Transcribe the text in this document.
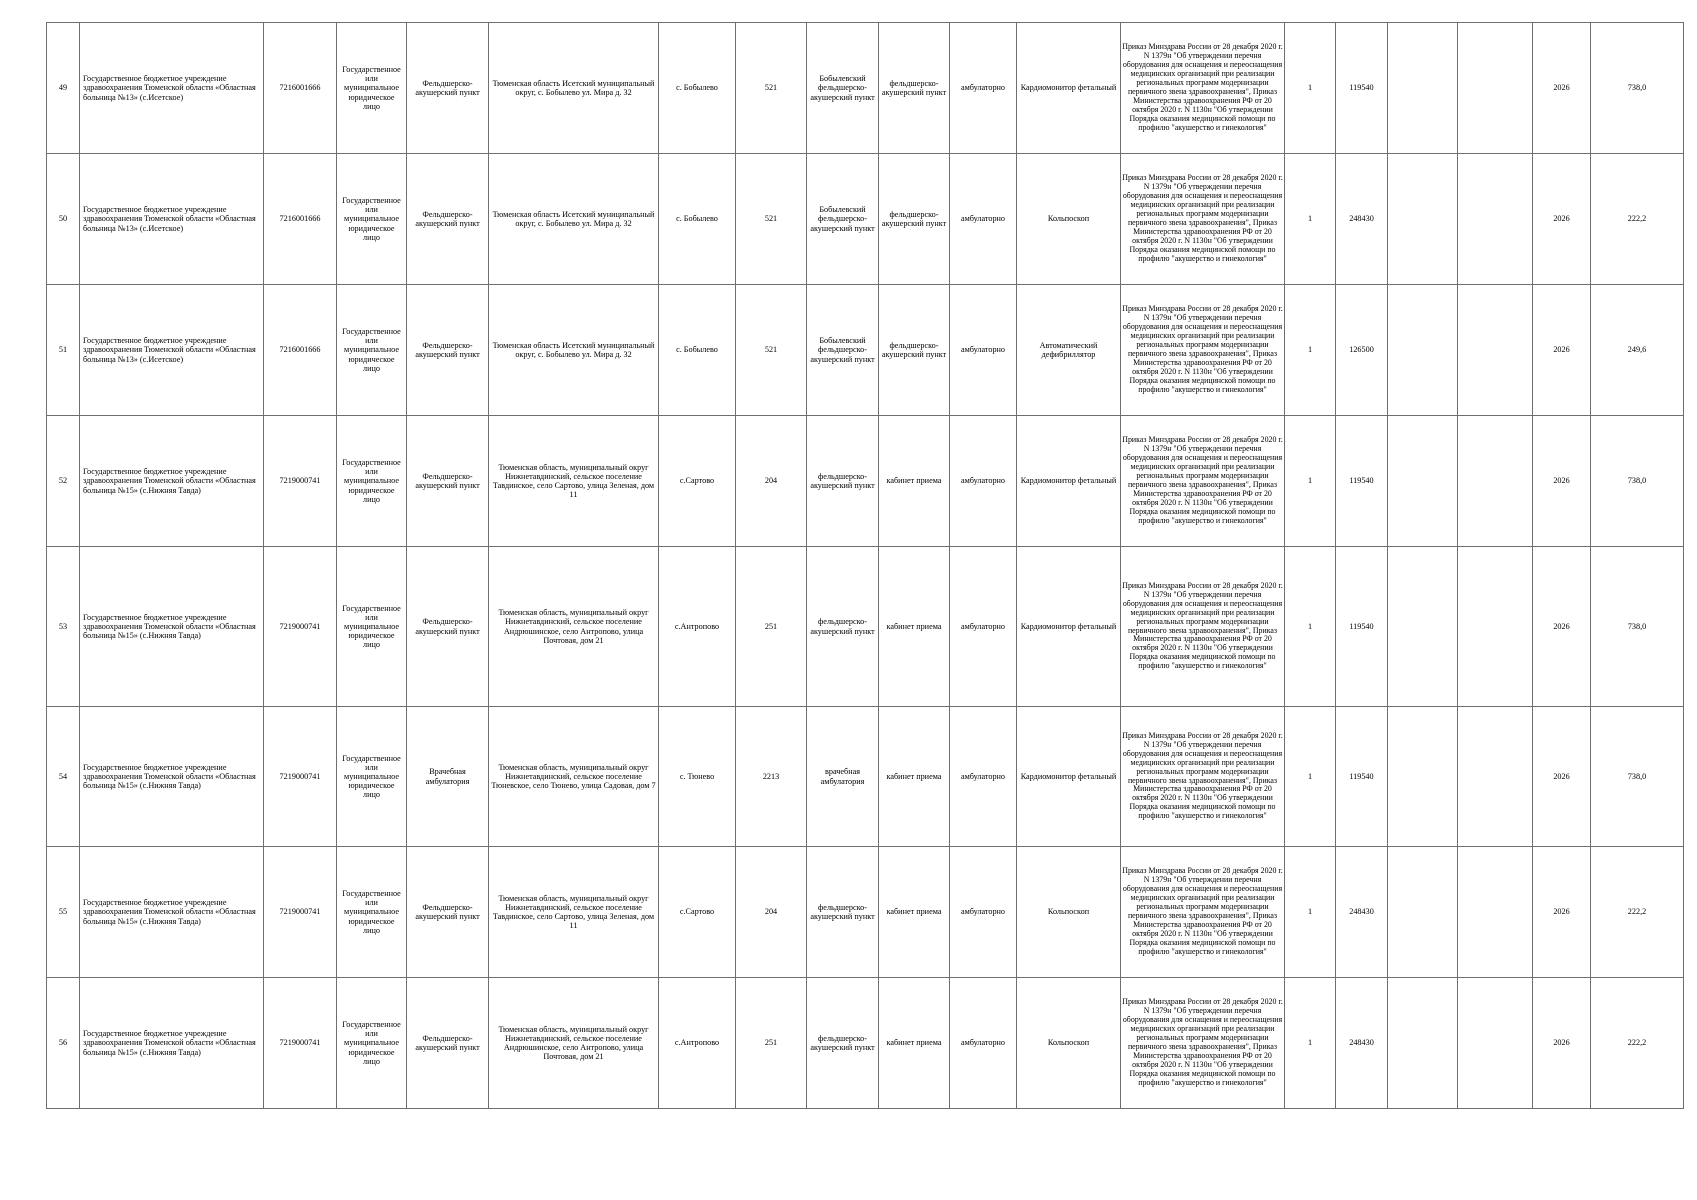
49	Государственное бюджетное учреждение здравоохранения Тюменской области «Областная больница №13» (с.Исетское)	7216001666	Государственное или муниципальное юридическое лицо	Фельдшерско-акушерский пункт	Тюменская область Исетский муниципальный округ, с. Бобылево ул. Мира д. 32	с. Бобылево	521	Бобылевский фельдшерско-акушерский пункт	фельдшерско-акушерский пункт	амбулаторно	Кардиомонитор фетальный	Приказ Минздрава России от 28 декабря 2020 г. N 1379н "Об утверждении перечня оборудования для оснащения и переоснащения медицинских организаций при реализации региональных программ модернизации первичного звена здравоохранения", Приказ Министерства здравоохранения РФ от 20 октября 2020 г. N 1130н "Об утверждении Порядка оказания медицинской помощи по профилю "акушерство и гинекология"	1	119540			2026	738,0
50	Государственное бюджетное учреждение здравоохранения Тюменской области «Областная больница №13» (с.Исетское)	7216001666	Государственное или муниципальное юридическое лицо	Фельдшерско-акушерский пункт	Тюменская область Исетский муниципальный округ, с. Бобылево ул. Мира д. 32	с. Бобылево	521	Бобылевский фельдшерско-акушерский пункт	фельдшерско-акушерский пункт	амбулаторно	Кольпоскоп	Приказ Минздрава России от 28 декабря 2020 г. N 1379н "Об утверждении перечня оборудования для оснащения и переоснащения медицинских организаций при реализации региональных программ модернизации первичного звена здравоохранения", Приказ Министерства здравоохранения РФ от 20 октября 2020 г. N 1130н "Об утверждении Порядка оказания медицинской помощи по профилю "акушерство и гинекология"	1	248430			2026	222,2
51	Государственное бюджетное учреждение здравоохранения Тюменской области «Областная больница №13» (с.Исетское)	7216001666	Государственное или муниципальное юридическое лицо	Фельдшерско-акушерский пункт	Тюменская область Исетский муниципальный округ, с. Бобылево ул. Мира д. 32	с. Бобылево	521	Бобылевский фельдшерско-акушерский пункт	фельдшерско-акушерский пункт	амбулаторно	Автоматический дефибриллятор	Приказ Минздрава России от 28 декабря 2020 г. N 1379н "Об утверждении перечня оборудования для оснащения и переоснащения медицинских организаций при реализации региональных программ модернизации первичного звена здравоохранения", Приказ Министерства здравоохранения РФ от 20 октября 2020 г. N 1130н "Об утверждении Порядка оказания медицинской помощи по профилю "акушерство и гинекология"	1	126500			2026	249,6
52	Государственное бюджетное учреждение здравоохранения Тюменской области «Областная больница №15» (с.Нижняя Тавда)	7219000741	Государственное или муниципальное юридическое лицо	Фельдшерско-акушерский пункт	Тюменская область, муниципальный округ Нижнетавдинский, сельское поселение Тавдинское, село Сартово, улица Зеленая, дом 11	с.Сартово	204	фельдшерско-акушерский пункт	кабинет приема	амбулаторно	Кардиомонитор фетальный	Приказ Минздрава России от 28 декабря 2020 г. N 1379н "Об утверждении перечня оборудования для оснащения и переоснащения медицинских организаций при реализации региональных программ модернизации первичного звена здравоохранения", Приказ Министерства здравоохранения РФ от 20 октября 2020 г. N 1130н "Об утверждении Порядка оказания медицинской помощи по профилю "акушерство и гинекология"	1	119540			2026	738,0
53	Государственное бюджетное учреждение здравоохранения Тюменской области «Областная больница №15» (с.Нижняя Тавда)	7219000741	Государственное или муниципальное юридическое лицо	Фельдшерско-акушерский пункт	Тюменская область, муниципальный округ Нижнетавдинский, сельское поселение Андрюшинское, село Антропово, улица Почтовая, дом 21	с.Антропово	251	фельдшерско-акушерский пункт	кабинет приема	амбулаторно	Кардиомонитор фетальный	Приказ Минздрава России от 28 декабря 2020 г. N 1379н "Об утверждении перечня оборудования для оснащения и переоснащения медицинских организаций при реализации региональных программ модернизации первичного звена здравоохранения", Приказ Министерства здравоохранения РФ от 20 октября 2020 г. N 1130н "Об утверждении Порядка оказания медицинской помощи по профилю "акушерство и гинекология"	1	119540			2026	738,0
54	Государственное бюджетное учреждение здравоохранения Тюменской области «Областная больница №15» (с.Нижняя Тавда)	7219000741	Государственное или муниципальное юридическое лицо	Врачебная амбулатория	Тюменская область, муниципальный округ Нижнетавдинский, сельское поселение Тюневское, село Тюнево, улица Садовая, дом 7	с. Тюнево	2213	врачебная амбулатория	кабинет приема	амбулаторно	Кардиомонитор фетальный	Приказ Минздрава России от 28 декабря 2020 г. N 1379н "Об утверждении перечня оборудования для оснащения и переоснащения медицинских организаций при реализации региональных программ модернизации первичного звена здравоохранения", Приказ Министерства здравоохранения РФ от 20 октября 2020 г. N 1130н "Об утверждении Порядка оказания медицинской помощи по профилю "акушерство и гинекология"	1	119540			2026	738,0
55	Государственное бюджетное учреждение здравоохранения Тюменской области «Областная больница №15» (с.Нижняя Тавда)	7219000741	Государственное или муниципальное юридическое лицо	Фельдшерско-акушерский пункт	Тюменская область, муниципальный округ Нижнетавдинский, сельское поселение Тавдинское, село Сартово, улица Зеленая, дом 11	с.Сартово	204	фельдшерско-акушерский пункт	кабинет приема	амбулаторно	Кольпоскоп	Приказ Минздрава России от 28 декабря 2020 г. N 1379н "Об утверждении перечня оборудования для оснащения и переоснащения медицинских организаций при реализации региональных программ модернизации первичного звена здравоохранения", Приказ Министерства здравоохранения РФ от 20 октября 2020 г. N 1130н "Об утверждении Порядка оказания медицинской помощи по профилю "акушерство и гинекология"	1	248430			2026	222,2
56	Государственное бюджетное учреждение здравоохранения Тюменской области «Областная больница №15» (с.Нижняя Тавда)	7219000741	Государственное или муниципальное юридическое лицо	Фельдшерско-акушерский пункт	Тюменская область, муниципальный округ Нижнетавдинский, сельское поселение Андрюшинское, село Антропово, улица Почтовая, дом 21	с.Антропово	251	фельдшерско-акушерский пункт	кабинет приема	амбулаторно	Кольпоскоп	Приказ Минздрава России от 28 декабря 2020 г. N 1379н "Об утверждении перечня оборудования для оснащения и переоснащения медицинских организаций при реализации региональных программ модернизации первичного звена здравоохранения", Приказ Министерства здравоохранения РФ от 20 октября 2020 г. N 1130н "Об утверждении Порядка оказания медицинской помощи по профилю "акушерство и гинекология"	1	248430			2026	222,2
